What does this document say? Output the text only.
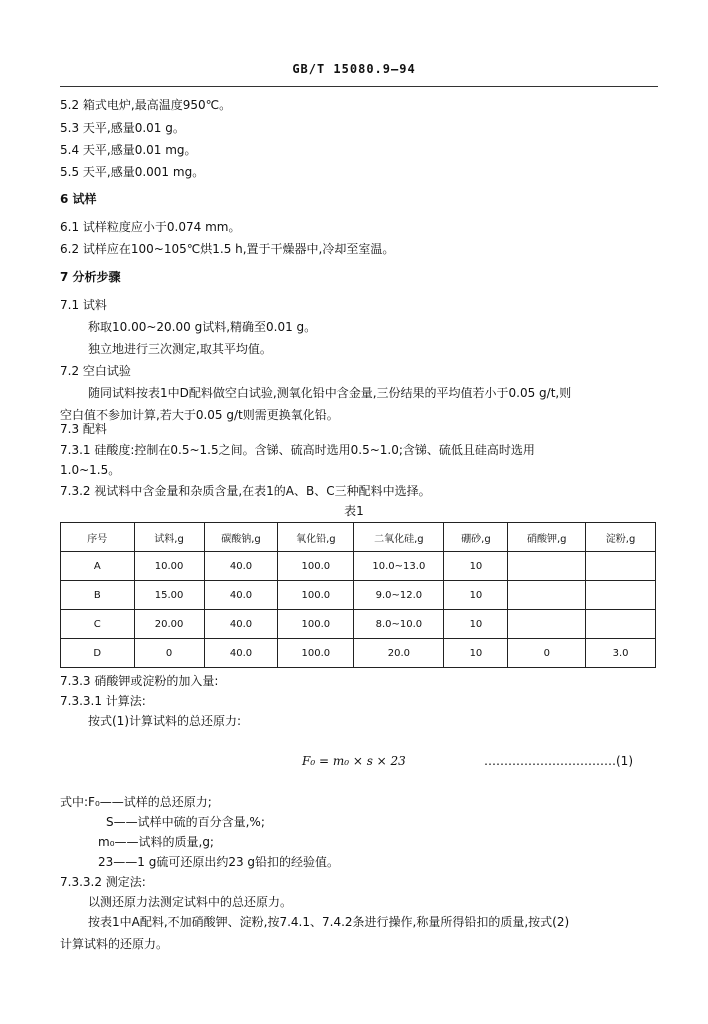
GB/T 15080.9—94
5.2 箱式电炉,最高温度950℃。
5.3 天平,感量0.01 g。
5.4 天平,感量0.01 mg。
5.5 天平,感量0.001 mg。
6 试样
6.1 试样粒度应小于0.074 mm。
6.2 试样应在100~105℃烘1.5 h,置于干燥器中,冷却至室温。
7 分析步骤
7.1 试料
称取10.00~20.00 g试料,精确至0.01 g。
独立地进行三次测定,取其平均值。
7.2 空白试验
随同试料按表1中D配料做空白试验,测氧化铅中含金量,三份结果的平均值若小于0.05 g/t,则
空白值不参加计算,若大于0.05 g/t则需更换氧化铅。
7.3 配料
7.3.1 硅酸度:控制在0.5~1.5之间。含锑、硫高时选用0.5~1.0;含锑、硫低且硅高时选用
1.0~1.5。
7.3.2 视试料中含金量和杂质含量,在表1的A、B、C三种配料中选择。
表1
序号	试料,g	碳酸钠,g	氧化铅,g	二氧化硅,g	硼砂,g	硝酸钾,g	淀粉,g
A	10.00	40.0	100.0	10.0~13.0	10		
B	15.00	40.0	100.0	9.0~12.0	10		
C	20.00	40.0	100.0	8.0~10.0	10		
D	0	40.0	100.0	20.0	10	0	3.0
7.3.3 硝酸钾或淀粉的加入量:
7.3.3.1 计算法:
按式(1)计算试料的总还原力:
F₀ = m₀ × s × 23	……………………………(1)
式中:F₀——试样的总还原力;
S——试样中硫的百分含量,%;
m₀——试料的质量,g;
23——1 g硫可还原出约23 g铅扣的经验值。
7.3.3.2 测定法:
以测还原力法测定试料中的总还原力。
按表1中A配料,不加硝酸钾、淀粉,按7.4.1、7.4.2条进行操作,称量所得铅扣的质量,按式(2)
计算试料的还原力。
